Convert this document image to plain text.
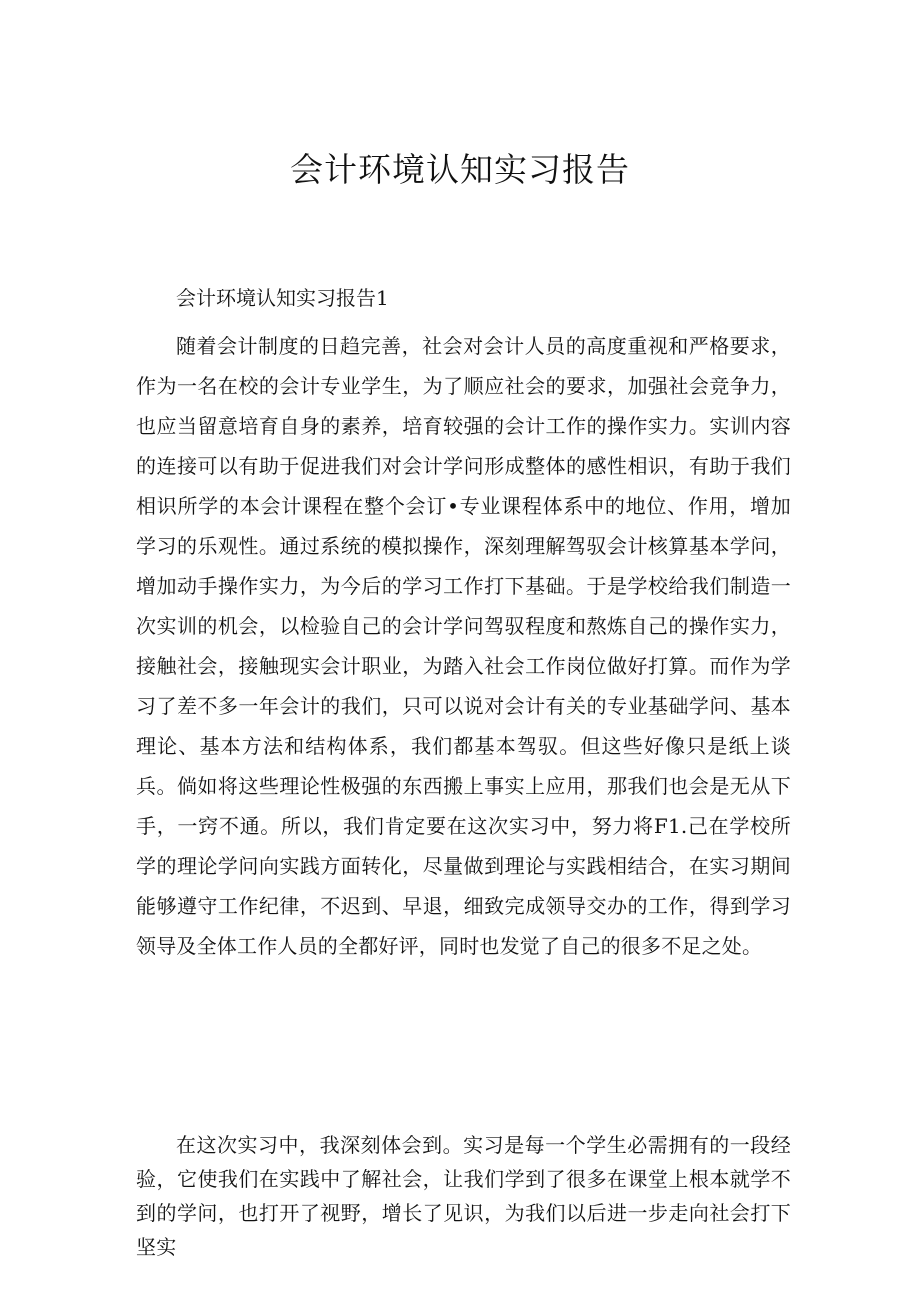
会计环境认知实习报告
会计环境认知实习报告1

随着会计制度的日趋完善，社会对会计人员的高度重视和严格要求，作为一名在校的会计专业学生，为了顺应社会的要求，加强社会竞争力，也应当留意培育自身的素养，培育较强的会计工作的操作实力。实训内容的连接可以有助于促进我们对会计学问形成整体的感性相识，有助于我们相识所学的本会计课程在整个会订•专业课程体系中的地位、作用，增加学习的乐观性。通过系统的模拟操作，深刻理解驾驭会计核算基本学问，增加动手操作实力，为今后的学习工作打下基础。于是学校给我们制造一次实训的机会，以检验自己的会计学问驾驭程度和熬炼自己的操作实力，接触社会，接触现实会计职业，为踏入社会工作岗位做好打算。而作为学习了差不多一年会计的我们，只可以说对会计有关的专业基础学问、基本理论、基本方法和结构体系，我们都基本驾驭。但这些好像只是纸上谈兵。倘如将这些理论性极强的东西搬上事实上应用，那我们也会是无从下手，一窍不通。所以，我们肯定要在这次实习中，努力将F1.己在学校所学的理论学问向实践方面转化，尽量做到理论与实践相结合，在实习期间能够遵守工作纪律，不迟到、早退，细致完成领导交办的工作，得到学习领导及全体工作人员的全都好评，同时也发觉了自己的很多不足之处。

在这次实习中，我深刻体会到。实习是每一个学生必需拥有的一段经验，它使我们在实践中了解社会，让我们学到了很多在课堂上根本就学不到的学问，也打开了视野，增长了见识，为我们以后进一步走向社会打下坚实
